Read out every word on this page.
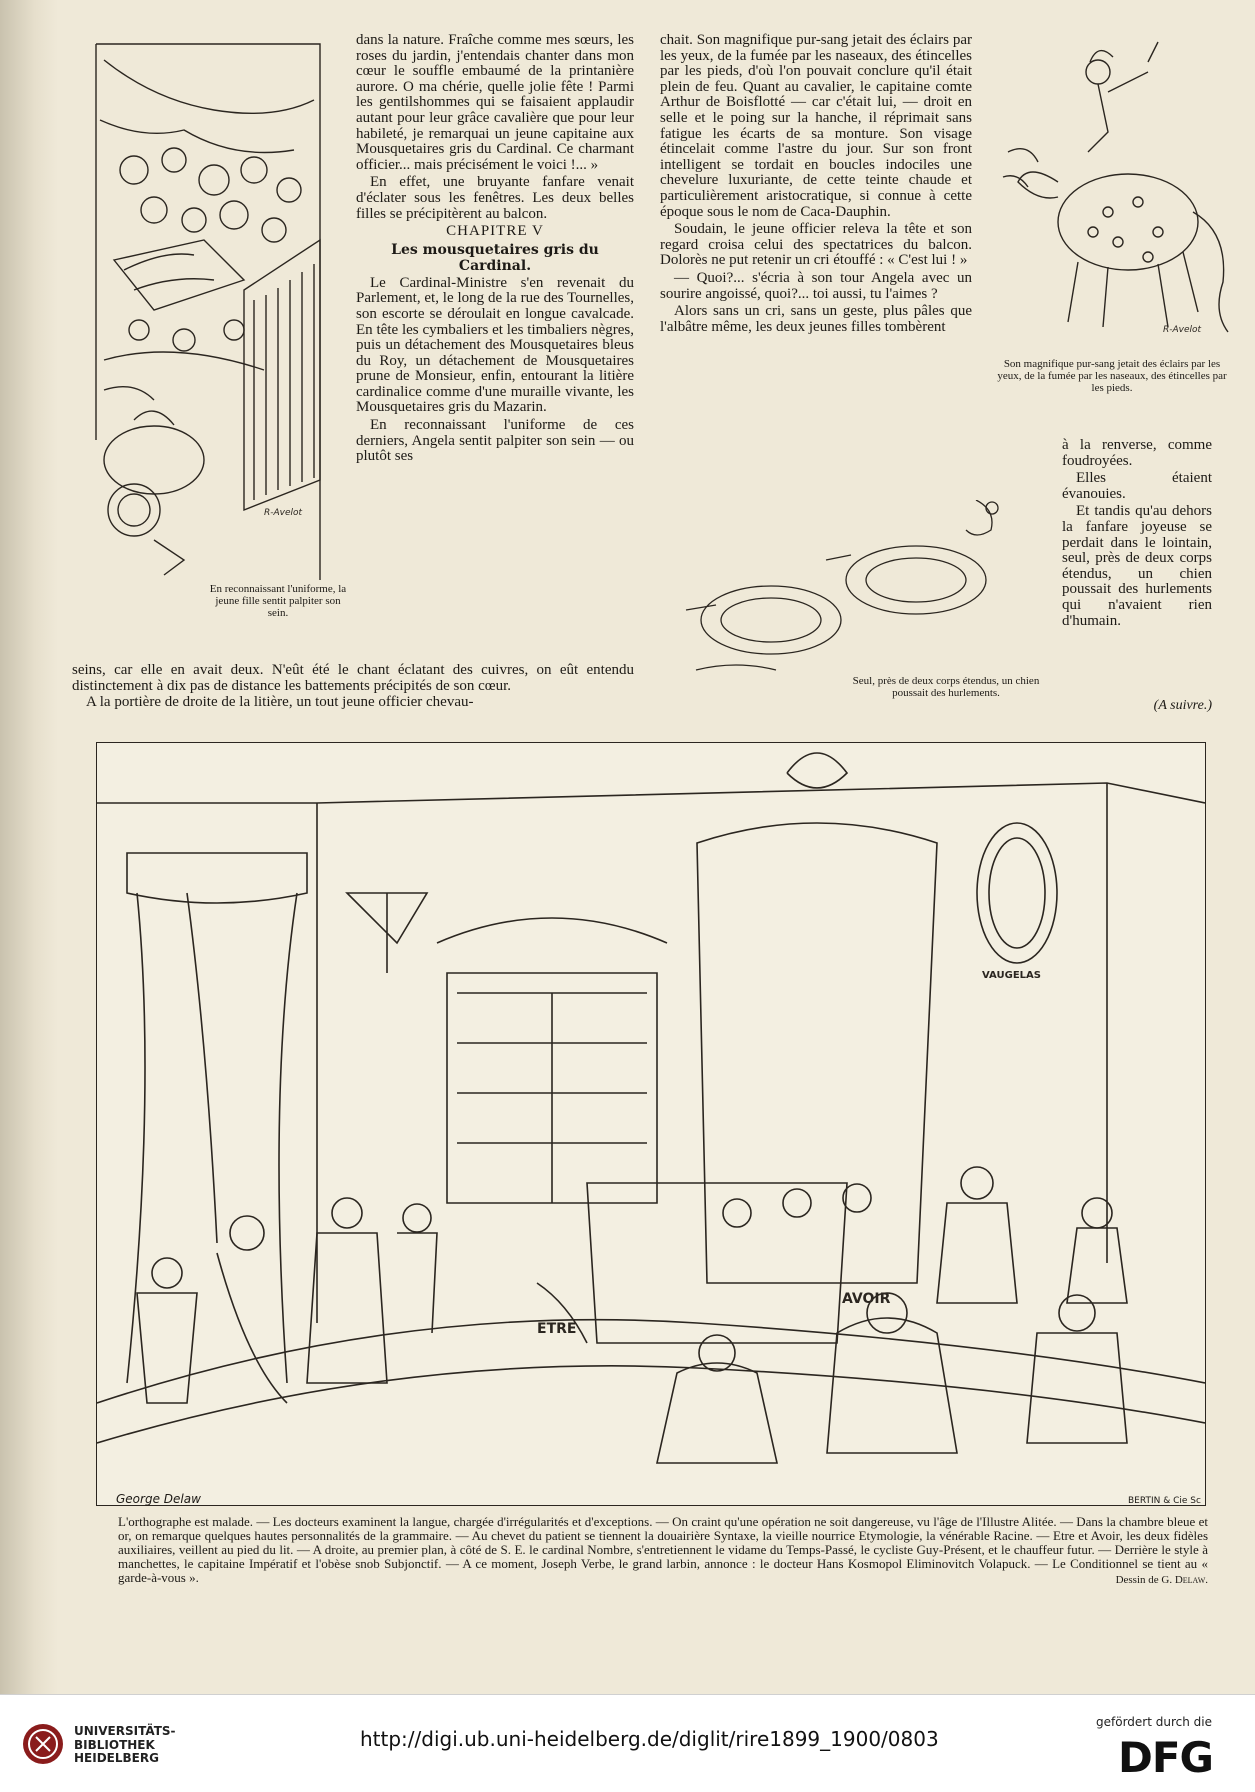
R-Avelot
En reconnaissant l'uniforme, la jeune fille sentit palpiter son sein.

dans la nature. Fraîche comme mes sœurs, les roses du jardin, j'entendais chanter dans mon cœur le souffle embaumé de la printanière aurore. O ma chérie, quelle jolie fête ! Parmi les gentilshommes qui se faisaient applaudir autant pour leur grâce cavalière que pour leur habileté, je remarquai un jeune capitaine aux Mousquetaires gris du Cardinal. Ce charmant officier... mais précisément le voici !... »

En effet, une bruyante fanfare venait d'éclater sous les fenêtres. Les deux belles filles se précipitèrent au balcon.

CHAPITRE V

Les mousquetaires gris du Cardinal.

Le Cardinal-Ministre s'en revenait du Parlement, et, le long de la rue des Tournelles, son escorte se déroulait en longue cavalcade. En tête les cymbaliers et les timbaliers nègres, puis un détachement des Mousquetaires bleus du Roy, un détachement de Mousquetaires prune de Monsieur, enfin, entourant la litière cardinalice comme d'une muraille vivante, les Mousquetaires gris du Mazarin.

En reconnaissant l'uniforme de ces derniers, Angela sentit palpiter son sein — ou plutôt ses

seins, car elle en avait deux. N'eût été le chant éclatant des cuivres, on eût entendu distinctement à dix pas de distance les battements précipités de son cœur.

A la portière de droite de la litière, un tout jeune officier chevau-

chait. Son magnifique pur-sang jetait des éclairs par les yeux, de la fumée par les naseaux, des étincelles par les pieds, d'où l'on pouvait conclure qu'il était plein de feu. Quant au cavalier, le capitaine comte Arthur de Boisflotté — car c'était lui, — droit en selle et le poing sur la hanche, il réprimait sans fatigue les écarts de sa monture. Son visage étincelait comme l'astre du jour. Sur son front intelligent se tordait en boucles indociles une chevelure luxuriante, de cette teinte chaude et particulièrement aristocratique, si connue à cette époque sous le nom de Caca-Dauphin.

Soudain, le jeune officier releva la tête et son regard croisa celui des spectatrices du balcon. Dolorès ne put retenir un cri étouffé : « C'est lui ! »

— Quoi?... s'écria à son tour Angela avec un sourire angoissé, quoi?... toi aussi, tu l'aimes ?

Alors sans un cri, sans un geste, plus pâles que l'albâtre même, les deux jeunes filles tombèrent	R-Avelot
Son magnifique pur-sang jetait des éclairs par les yeux, de la fumée par les naseaux, des étincelles par les pieds.

à la renverse, comme foudroyées.

Elles étaient évanouies.

Et tandis qu'au dehors la fanfare joyeuse se perdait dans le lointain, seul, près de deux corps étendus, un chien poussait des hurlements qui n'avaient rien d'humain.

Seul, près de deux corps étendus, un chien poussait des hurlements.
(A suivre.)
ETRE
AVOIR
VAUGELAS
George Delaw	BERTIN & Cie Sc
L'orthographe est malade. — Les docteurs examinent la langue, chargée d'irrégularités et d'exceptions. — On craint qu'une opération ne soit dangereuse, vu l'âge de l'Illustre Alitée. — Dans la chambre bleue et or, on remarque quelques hautes personnalités de la grammaire. — Au chevet du patient se tiennent la douairière Syntaxe, la vieille nourrice Etymologie, la vénérable Racine. — Etre et Avoir, les deux fidèles auxiliaires, veillent au pied du lit. — A droite, au premier plan, à côté de S. E. le cardinal Nombre, s'entretiennent le vidame du Temps-Passé, le cycliste Guy-Présent, et le chauffeur futur. — Derrière le style à manchettes, le capitaine Impératif et l'obèse snob Subjonctif. — A ce moment, Joseph Verbe, le grand larbin, annonce : le docteur Hans Kosmopol Eliminovitch Volapuck. — Le Conditionnel se tient au « garde-à-vous ».	Dessin de G. Delaw.
UNIVERSITÄTS-
BIBLIOTHEK
HEIDELBERG
http://digi.ub.uni-heidelberg.de/diglit/rire1899_1900/0803
gefördert durch die
DFG
